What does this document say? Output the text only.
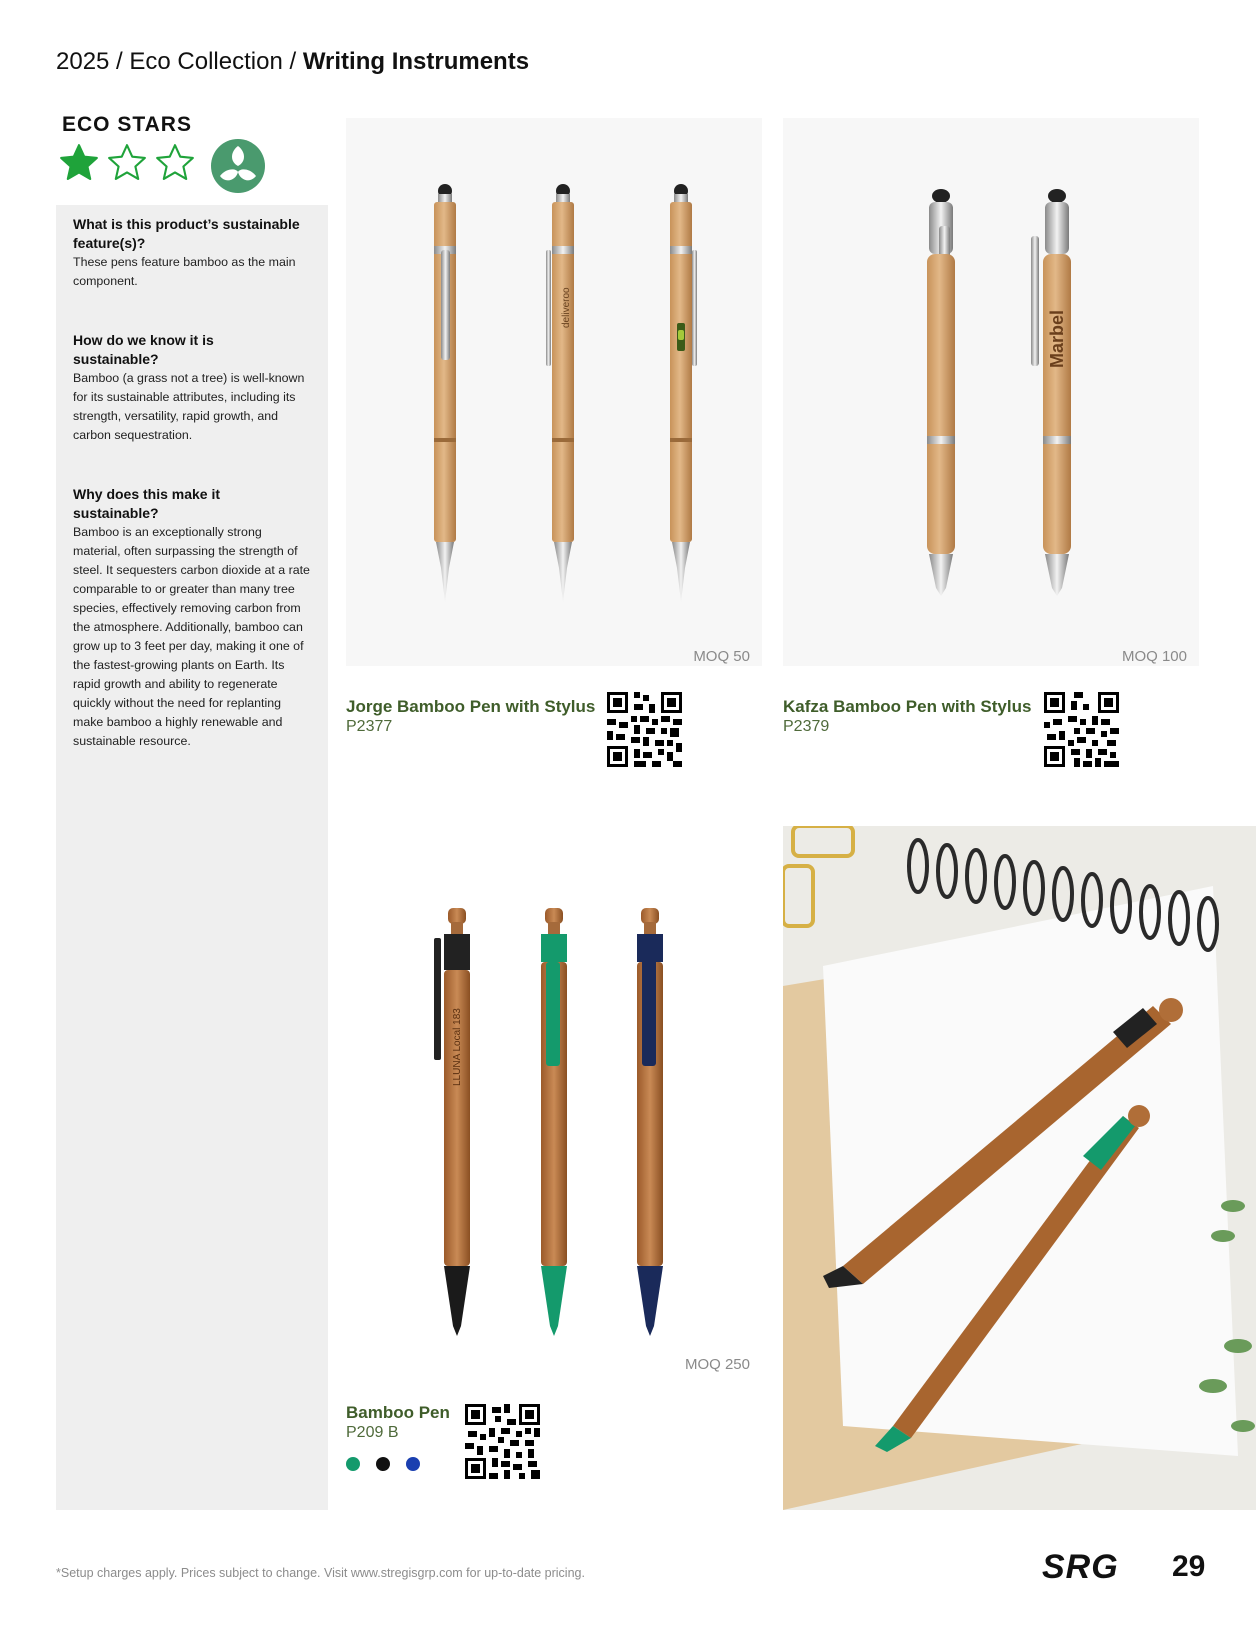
2025 / Eco Collection / Writing Instruments
ECO STARS
What is this product’s sustainable feature(s)?
These pens feature bamboo as the main component.
How do we know it is sustainable?
Bamboo (a grass not a tree) is well-known for its sustainable attributes, including its strength, versatility, rapid growth, and carbon sequestration.
Why does this make it sustainable?
Bamboo is an exceptionally strong material, often surpassing the strength of steel. It sequesters carbon dioxide at a rate comparable to or greater than many tree species, effectively removing carbon from the atmosphere. Additionally, bamboo can grow up to 3 feet per day, making it one of the fastest-growing plants on Earth. Its rapid growth and ability to regenerate quickly without the need for replanting make bamboo a highly renewable and sustainable resource.
deliveroo
MOQ 50
Marbel
MOQ 100
Jorge Bamboo Pen with Stylus
P2377
Kafza Bamboo Pen with Stylus
P2379
LLUNA Local 183
MOQ 250
Bamboo Pen
P209 B
*Setup charges apply. Prices subject to change. Visit www.stregisgrp.com for up-to-date pricing.	SRG 29
